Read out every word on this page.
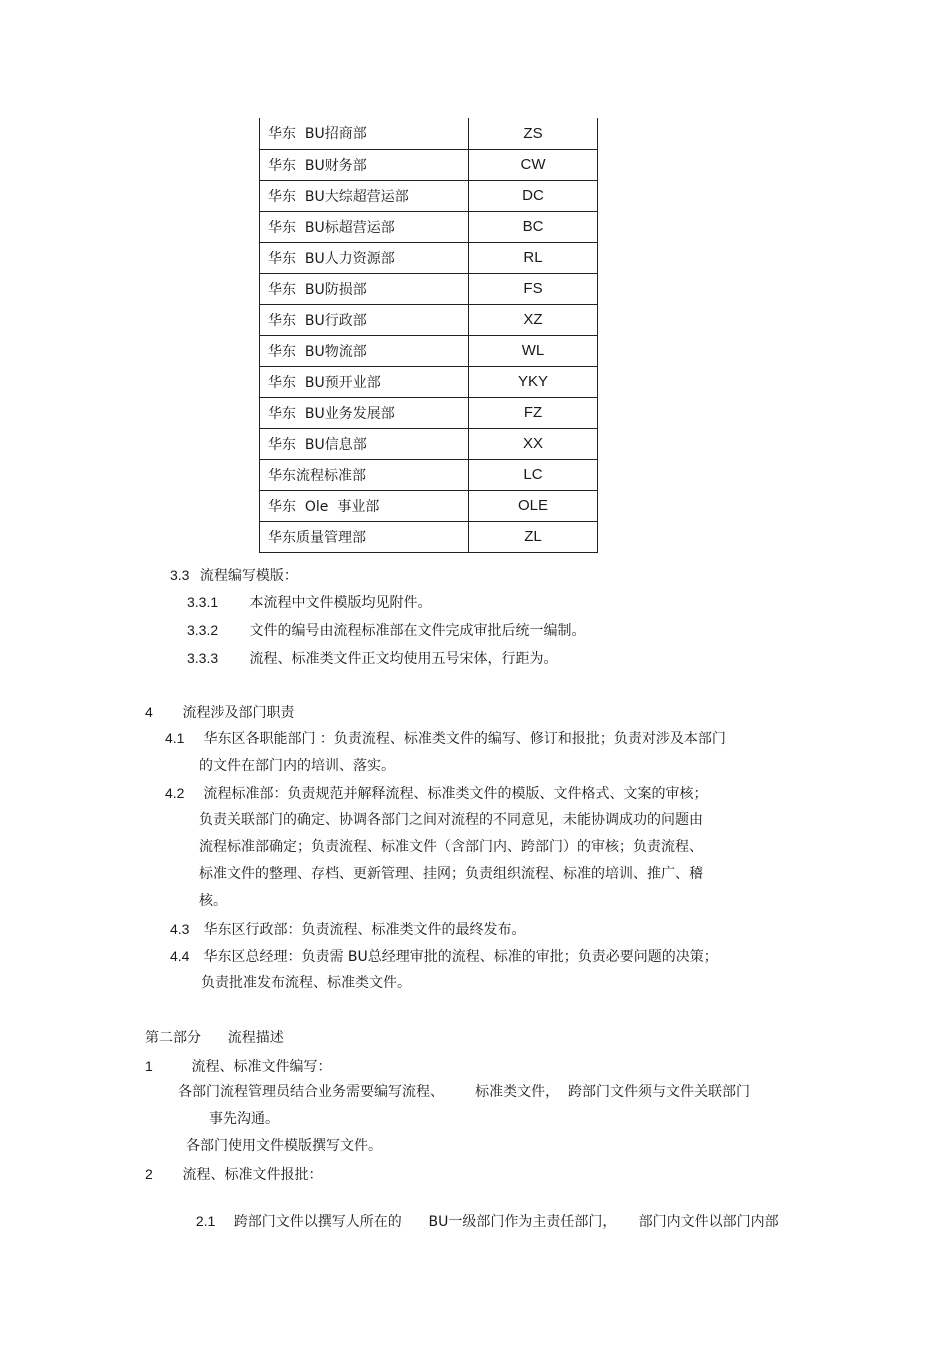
华东  BU招商部	ZS
华东  BU财务部	CW
华东  BU大综超营运部	DC
华东  BU标超营运部	BC
华东  BU人力资源部	RL
华东  BU防损部	FS
华东  BU行政部	XZ
华东  BU物流部	WL
华东  BU预开业部	YKY
华东  BU业务发展部	FZ
华东  BU信息部	XX
华东流程标准部	LC
华东  Ole  事业部	OLE
华东质量管理部	ZL
3.3 流程编写模版：
3.3.1 本流程中文件模版均见附件。
3.3.2 文件的编号由流程标准部在文件完成审批后统一编制。
3.3.3 流程、标准类文件正文均使用五号宋体，行距为。
4 流程涉及部门职责
4.1 华东区各职能部门 ：负责流程、标准类文件的编写、修订和报批；负责对涉及本部门
的文件在部门内的培训、落实。
4.2 流程标准部：负责规范并解释流程、标准类文件的模版、文件格式、文案的审核；
负责关联部门的确定、协调各部门之间对流程的不同意见，未能协调成功的问题由
流程标准部确定；负责流程、标准文件（含部门内、跨部门）的审核；负责流程、
标准文件的整理、存档、更新管理、挂网；负责组织流程、标准的培训、推广、稽
核。
4.3 华东区行政部：负责流程、标准类文件的最终发布。
4.4 华东区总经理：负责需 BU总经理审批的流程、标准的审批；负责必要问题的决策；
负责批准发布流程、标准类文件。
第二部分      流程描述
1	流程、标准文件编写：
各部门流程管理员结合业务需要编写流程、       标准类文件，  跨部门文件须与文件关联部门
事先沟通。
各部门使用文件模版撰写文件。
2 流程、标准文件报批：

2.1 跨部门文件以撰写人所在的      BU一级部门作为主责任部门，     部门内文件以部门内部
